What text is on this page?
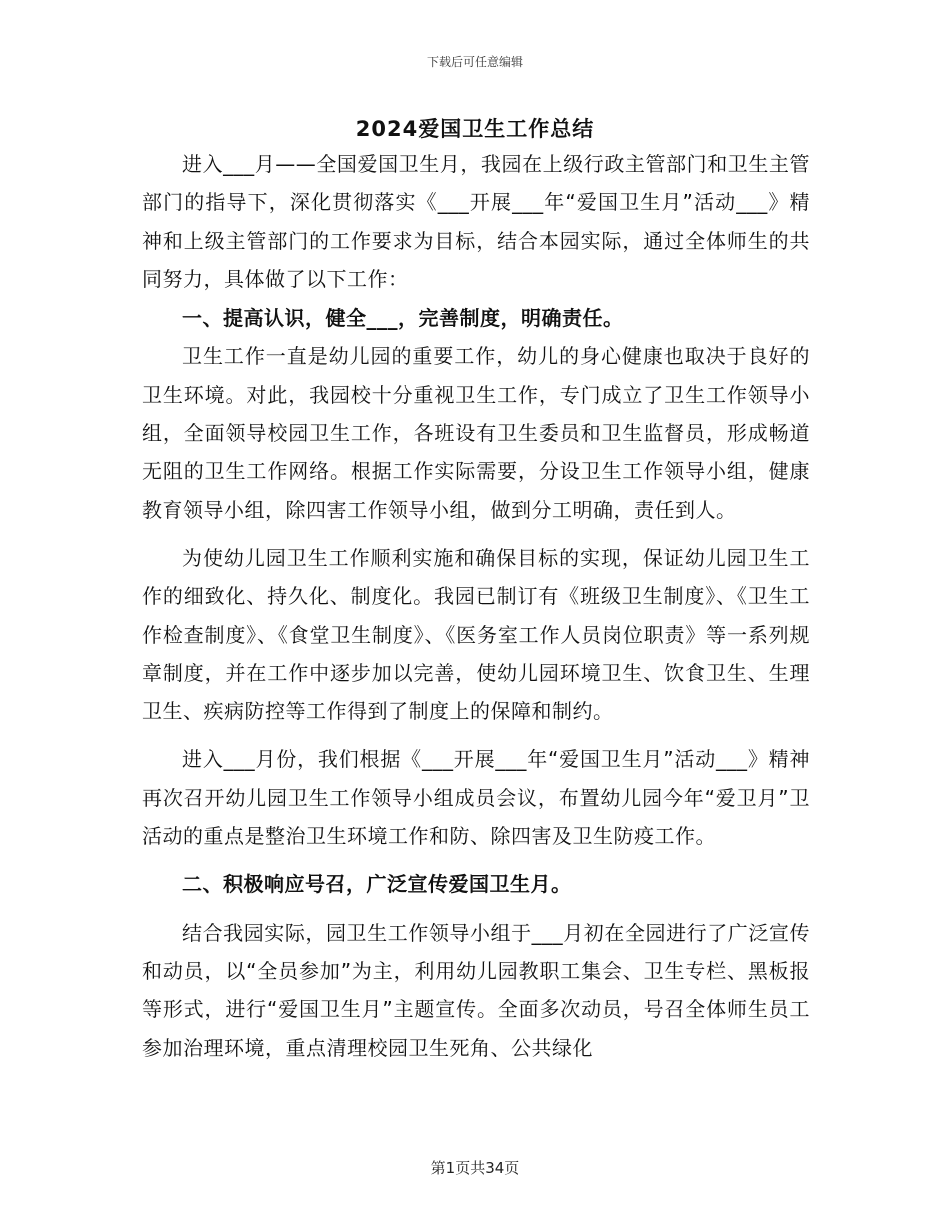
下载后可任意编辑
2024爱国卫生工作总结

进入___月——全国爱国卫生月，我园在上级行政主管部门和卫生主管部门的指导下，深化贯彻落实《___开展___年“爱国卫生月”活动___》精神和上级主管部门的工作要求为目标，结合本园实际，通过全体师生的共同努力，具体做了以下工作：

一、提高认识，健全___，完善制度，明确责任。

卫生工作一直是幼儿园的重要工作，幼儿的身心健康也取决于良好的卫生环境。对此，我园校十分重视卫生工作，专门成立了卫生工作领导小组，全面领导校园卫生工作，各班设有卫生委员和卫生监督员，形成畅道无阻的卫生工作网络。根据工作实际需要，分设卫生工作领导小组，健康教育领导小组，除四害工作领导小组，做到分工明确，责任到人。

为使幼儿园卫生工作顺利实施和确保目标的实现，保证幼儿园卫生工作的细致化、持久化、制度化。我园已制订有《班级卫生制度》、《卫生工作检查制度》、《食堂卫生制度》、《医务室工作人员岗位职责》等一系列规章制度，并在工作中逐步加以完善，使幼儿园环境卫生、饮食卫生、生理卫生、疾病防控等工作得到了制度上的保障和制约。

进入___月份，我们根据《___开展___年“爱国卫生月”活动___》精神再次召开幼儿园卫生工作领导小组成员会议，布置幼儿园今年“爱卫月”卫活动的重点是整治卫生环境工作和防、除四害及卫生防疫工作。

二、积极响应号召，广泛宣传爱国卫生月。

结合我园实际，园卫生工作领导小组于___月初在全园进行了广泛宣传和动员，以“全员参加”为主，利用幼儿园教职工集会、卫生专栏、黑板报等形式，进行“爱国卫生月”主题宣传。全面多次动员，号召全体师生员工参加治理环境，重点清理校园卫生死角、公共绿化

第1页共34页
